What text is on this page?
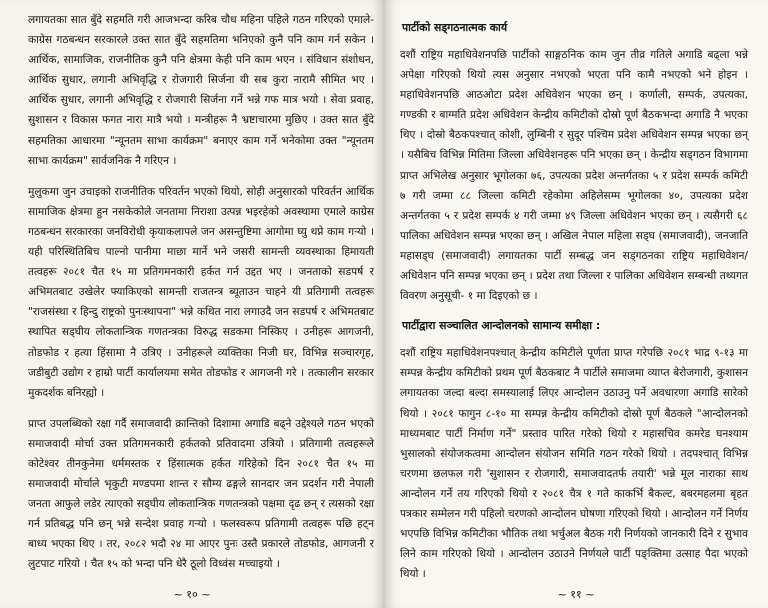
लगायतका सात बुँदे सहमति गरी आजभन्दा करिब चौध महिना पहिले गठन गरिएको एमाले-काग्रेस गठबन्धन सरकारले उक्त सात बुँदे सहमतिमा भनिएको कुनै पनि काम गर्न सकेन । आर्थिक, सामाजिक, राजनीतिक कुनै पनि क्षेत्रमा केही पनि काम भएन । संविधान संशोधन, आर्थिक सुधार, लगानी अभिवृद्धि र रोजगारी सिर्जना यी सब कुरा नारामै सीमित भए । आर्थिक सुधार, लगानी अभिवृद्धि र रोजगारी सिर्जना गर्ने भन्ने गफ मात्र भयो । सेवा प्रवाह, सुशासन र विकास फगत नारा मात्रै भयो । मन्त्रीहरू नै भ्रष्टाचारमा मुछिए । उक्त सात बुँदे सहमतिका आधारमा "न्यूनतम साभा कार्यक्रम" बनाएर काम गर्ने भनेकोमा उक्त "न्यूनतम साभा कार्यक्रम" सार्वजनिक नै गरिएन ।

मुलुकमा जुन उचाइको राजनीतिक परिवर्तन भएको थियो, सोही अनुसारको परिवर्तन आर्थिक सामाजिक क्षेत्रमा हुन नसकेकोले जनतामा निराशा उत्पन्न भइरहेको अवस्थामा एमाले काग्रेस गठबन्धन सरकारका जनविरोधी कृयाकलापले जन असन्तुष्टिमा आगोमा घ्यु थप्ने काम गर्‍यो । यही परिस्थितिबिच पाल्नो पानीमा माछा मार्ने भने जसरी सामन्ती व्यवस्थाका हिमायती तत्वहरू २०८१ चैत १५ मा प्रतिगमनकारी हर्कत गर्न उद्दत भए । जनताको सडपर्ष र अभिमतबाट उखेलेर फ्याकिएको सामन्ती राजतन्त्र ब्यूताउन चाहने यी प्रतिगामी तत्वहरू "राजसंस्था र हिन्दु राष्ट्रको पुनःस्थापना" भन्ने कथित नारा लगाउदै जन सडपर्ष र अभिमतबाट स्थापित सड्घीय लोकतान्त्रिक गणतन्त्रका विरुद्ध सडकमा निस्किए । उनीहरू आगजनी, तोडफोड र हत्या हिंसामा नै उत्रिए । उनीहरूले व्यक्तिका निजी घर, विभिन्न सञ्चारगृह, जडीबुटी उद्योग र हाम्रो पार्टी कार्यालयमा समेत तोडफोड र आगजनी गरे । तत्कालीन सरकार मुकदर्शक बनिरह्यो ।

प्राप्त उपलब्धिको रक्षा गर्दै समाजवादी क्रान्तिको दिशामा अगाडि बढ्ने उद्देश्यले गठन भएको समाजवादी मोर्चा उक्त प्रतिगमनकारी हर्कतको प्रतिवादमा उत्रियो । प्रतिगामी तत्वहरूले कोटेश्वर तीनकुनेमा धर्ममस्तक र हिंसात्मक हर्कत गरिहेको दिन २०८१ चैत १५ मा समाजवादी मोर्चाले भृकुटी मण्डपमा शान्त र सौम्य ढङ्गले सानदार जन प्रदर्शन गरी नेपाली जनता आफुले लडेर त्याएको सड्घीय लोकतान्त्रिक गणतन्त्रको पक्षमा दृढ छन् र त्यसको रक्षा गर्न प्रतिबद्ध पनि छन् भन्ने सन्देश प्रवाह गर्‍यो । फलस्वरूप प्रतिगामी तत्वहरू पछि हट्न बाध्य भएका थिए । तर, २०८२ भदौ २४ मा आएर पुनः उस्तै प्रकारले तोडफोड, आगजनी र लुटपाट गरियो । चैत १५ को भन्दा पनि धेरै ठूलो विध्वंस मच्चाइयो ।

~ १० ~
पार्टीको सड्गठनात्मक कार्य

दशौं राष्ट्रिय महाधिवेशनपछि पार्टीको साङ्गठनिक काम जुन तीव्र गतिले अगाडि बढ्ला भन्ने अपेक्षा गरिएको थियो त्यस अनुसार नभएको भएता पनि कामै नभएको भने होइन । महाधिवेशनपछि आठओटा प्रदेश अधिवेशन भएका छन् । कर्णाली, सम्पर्क, उपत्यका, गण्डकी र बाग्मति प्रदेश अधिवेशन केन्द्रीय कमिटीको दोस्रो पूर्ण बैठकभन्दा अगाडि नै भएका थिए । दोस्रो बैठकपश्चात् कोशी, लुम्बिनी र सुदूर पश्चिम प्रदेश अधिवेशन सम्पन्न भएका छन् । यसैबिच विभिन्न मितिमा जिल्ला अधिवेशनहरू पनि भएका छन् । केन्द्रीय सड्गठन विभागमा प्राप्त अभिलेख अनुसार भूगोलका ७६, उपत्यका प्रदेश अन्तर्गतका ५ र प्रदेश सम्पर्क कमिटी ७ गरी जम्मा ८८ जिल्ला कमिटी रहेकोमा अहिलेसम्म भूगोलका ४०, उपत्यका प्रदेश अन्तर्गतका ५ र प्रदेश सम्पर्क ४ गरी जम्मा ४९ जिल्ला अधिवेशन भएका छन् । त्यसैगरी ६८ पालिका अधिवेशन सम्पन्न भएका छन् । अखिल नेपाल महिला सड्घ (समाजवादी), जनजाति महासड्घ (समाजवादी) लगायतका पार्टी सम्बद्ध जन सड्गठनका राष्ट्रिय महाधिवेशन/अधिवेशन पनि सम्पन्न भएका छन् । प्रदेश तथा जिल्ला र पालिका अधिवेशन सम्बन्धी तथ्यगत विवरण अनुसूची- १ मा दिइएको छ ।

पार्टीद्वारा सञ्चालित आन्दोलनको सामान्य समीक्षा :

दशौं राष्ट्रिय महाधिवेशनपश्चात् केन्द्रीय कमिटीले पूर्णता प्राप्त गरेपछि २०८१ भाद्र ९-१३ मा सम्पन्न केन्द्रीय कमिटीको प्रथम पूर्ण बैठकबाट नै पार्टीले समाजमा व्याप्त बेरोजगारी, कुशासन लगायतका जल्दा बल्दा समस्यालाई लिएर आन्दोलन उठाउनु पर्ने अवधारणा अगाडि सारेको थियो । २०८१ फागुन ८-१० मा सम्पन्न केन्द्रीय कमिटीको दोस्रो पूर्ण बैठकले "आन्दोलनको माध्यमबाट पार्टी निर्माण गर्ने" प्रस्ताव पारित गरेको थियो र महासचिव कमरेड घनश्याम भुसालको संयोजकत्वमा आन्दोलन संयोजन समिति गठन गरेको थियो । तदपश्चात् विभिन्न चरणमा छलफल गरी 'सुशासन र रोजगारी, समाजवादतर्फ तयारी' भन्ने मूल नाराका साथ आन्दोलन गर्ने तय गरिएको थियो र २०८१ चैत्र १ गते काकर्भि बैकल्ट, बबरमहलमा बृहत पत्रकार सम्मेलन गरी पहिलो चरणको आन्दोलन घोषणा गरिएको थियो । आन्दोलन गर्ने निर्णय भएपछि विभिन्न कमिटीका भौतिक तथा भर्चुअल बैठक गरी निर्णयको जानकारी दिने र सुभाव लिने काम गरिएको थियो । आन्दोलन उठाउने निर्णयले पार्टी पङ्क्तिमा उत्साह पैदा भएको थियो ।

~ ११ ~
